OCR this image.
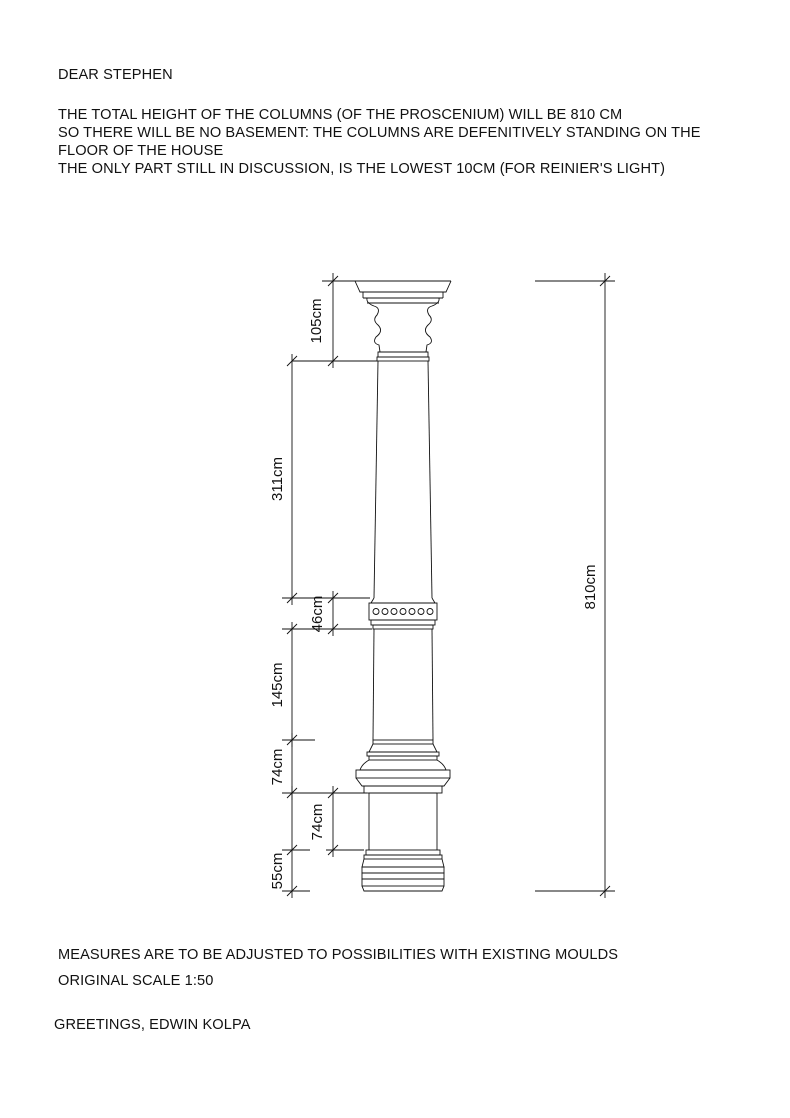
DEAR STEPHEN
THE TOTAL HEIGHT OF THE COLUMNS (OF THE PROSCENIUM) WILL BE 810 CM
SO THERE WILL BE NO BASEMENT: THE COLUMNS ARE DEFENITIVELY STANDING ON THE
FLOOR OF THE HOUSE
THE ONLY PART STILL IN DISCUSSION, IS THE LOWEST 10CM (FOR REINIER'S LIGHT)
105cm
311cm
46cm
145cm
74cm
74cm
55cm
810cm
MEASURES ARE TO BE ADJUSTED TO POSSIBILITIES WITH EXISTING MOULDS
ORIGINAL SCALE 1:50
GREETINGS, EDWIN KOLPA
